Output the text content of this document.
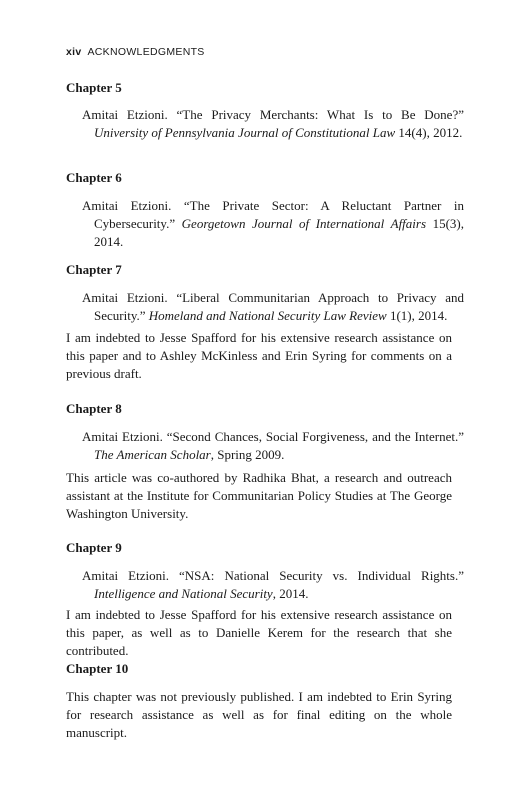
xiv ACKNOWLEDGMENTS
Chapter 5

Amitai Etzioni. “The Privacy Merchants: What Is to Be Done?” University of Pennsylvania Journal of Constitutional Law 14(4), 2012.

Chapter 6

Amitai Etzioni. “The Private Sector: A Reluctant Partner in Cybersecurity.” Georgetown Journal of International Affairs 15(3), 2014.

Chapter 7

Amitai Etzioni. “Liberal Communitarian Approach to Privacy and Security.” Homeland and National Security Law Review 1(1), 2014.

I am indebted to Jesse Spafford for his extensive research assistance on this paper and to Ashley McKinless and Erin Syring for comments on a previous draft.

Chapter 8

Amitai Etzioni. “Second Chances, Social Forgiveness, and the Internet.” The American Scholar, Spring 2009.

This article was co-authored by Radhika Bhat, a research and outreach assistant at the Institute for Communitarian Policy Studies at The George Washington University.

Chapter 9

Amitai Etzioni. “NSA: National Security vs. Individual Rights.” Intelligence and National Security, 2014.

I am indebted to Jesse Spafford for his extensive research assistance on this paper, as well as to Danielle Kerem for the research that she contributed.

Chapter 10

This chapter was not previously published. I am indebted to Erin Syring for research assistance as well as for final editing on the whole manuscript.
